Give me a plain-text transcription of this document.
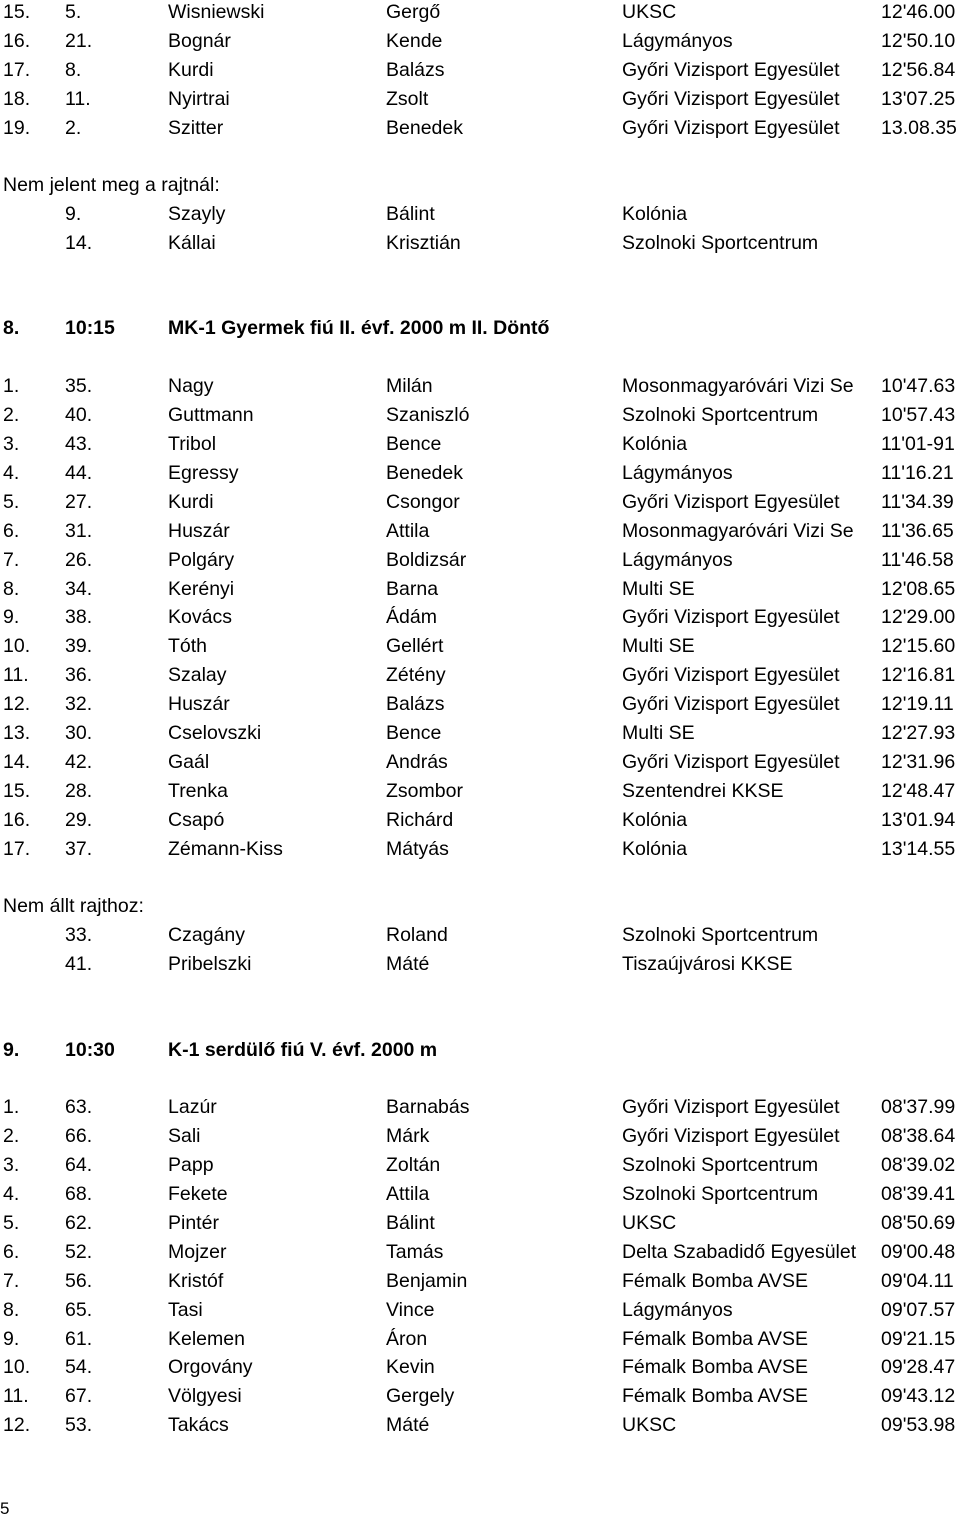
15. 5.	Wisniewski	Gergő	UKSC	12'46.00
16. 21.	Bognár	Kende	Lágymányos	12'50.10
17. 8.	Kurdi	Balázs	Győri Vizisport Egyesület 12'56.84
18. 11.	Nyirtrai	Zsolt	Győri Vizisport Egyesület 13'07.25
19. 2.	Szitter	Benedek	Győri Vizisport Egyesület 13.08.35
Nem jelent meg a rajtnál:
9.	Szayly	Bálint	Kolónia
14.	Kállai	Krisztián	Szolnoki Sportcentrum
8. 10:15	MK-1 Gyermek fiú II. évf. 2000 m II. Döntő
1. 35.	Nagy	Milán	Mosonmagyaróvári Vizi Se 10'47.63
2. 40.	Guttmann	Szaniszló	Szolnoki Sportcentrum	10'57.43
3. 43.	Tribol	Bence	Kolónia	11'01-91
4. 44.	Egressy	Benedek	Lágymányos	11'16.21
5. 27.	Kurdi	Csongor	Győri Vizisport Egyesület 11'34.39
6. 31.	Huszár	Attila	Mosonmagyaróvári Vizi Se 11'36.65
7. 26.	Polgáry	Boldizsár	Lágymányos	11'46.58
8. 34.	Kerényi	Barna	Multi SE	12'08.65
9. 38.	Kovács	Ádám	Győri Vizisport Egyesület 12'29.00
10. 39.	Tóth	Gellért	Multi SE	12'15.60
11. 36.	Szalay	Zétény	Győri Vizisport Egyesület 12'16.81
12. 32.	Huszár	Balázs	Győri Vizisport Egyesület 12'19.11
13. 30.	Cselovszki	Bence	Multi SE	12'27.93
14. 42.	Gaál	András	Győri Vizisport Egyesület 12'31.96
15. 28.	Trenka	Zsombor	Szentendrei KKSE	12'48.47
16. 29.	Csapó	Richárd	Kolónia	13'01.94
17. 37.	Zémann-Kiss	Mátyás	Kolónia	13'14.55
Nem állt rajthoz:
33.	Czagány	Roland	Szolnoki Sportcentrum
41.	Pribelszki	Máté	Tiszaújvárosi KKSE
9. 10:30	K-1 serdülő fiú V. évf. 2000 m
1. 63.	Lazúr	Barnabás	Győri Vizisport Egyesület 08'37.99
2. 66.	Sali	Márk	Győri Vizisport Egyesület 08'38.64
3. 64.	Papp	Zoltán	Szolnoki Sportcentrum	08'39.02
4. 68.	Fekete	Attila	Szolnoki Sportcentrum	08'39.41
5. 62.	Pintér	Bálint	UKSC	08'50.69
6. 52.	Mojzer	Tamás	Delta Szabadidő Egyesület 09'00.48
7. 56.	Kristóf	Benjamin	Fémalk Bomba AVSE	09'04.11
8. 65.	Tasi	Vince	Lágymányos	09'07.57
9. 61.	Kelemen	Áron	Fémalk Bomba AVSE	09'21.15
10. 54.	Orgovány	Kevin	Fémalk Bomba AVSE	09'28.47
11. 67.	Völgyesi	Gergely	Fémalk Bomba AVSE	09'43.12
12. 53.	Takács	Máté	UKSC	09'53.98
5
